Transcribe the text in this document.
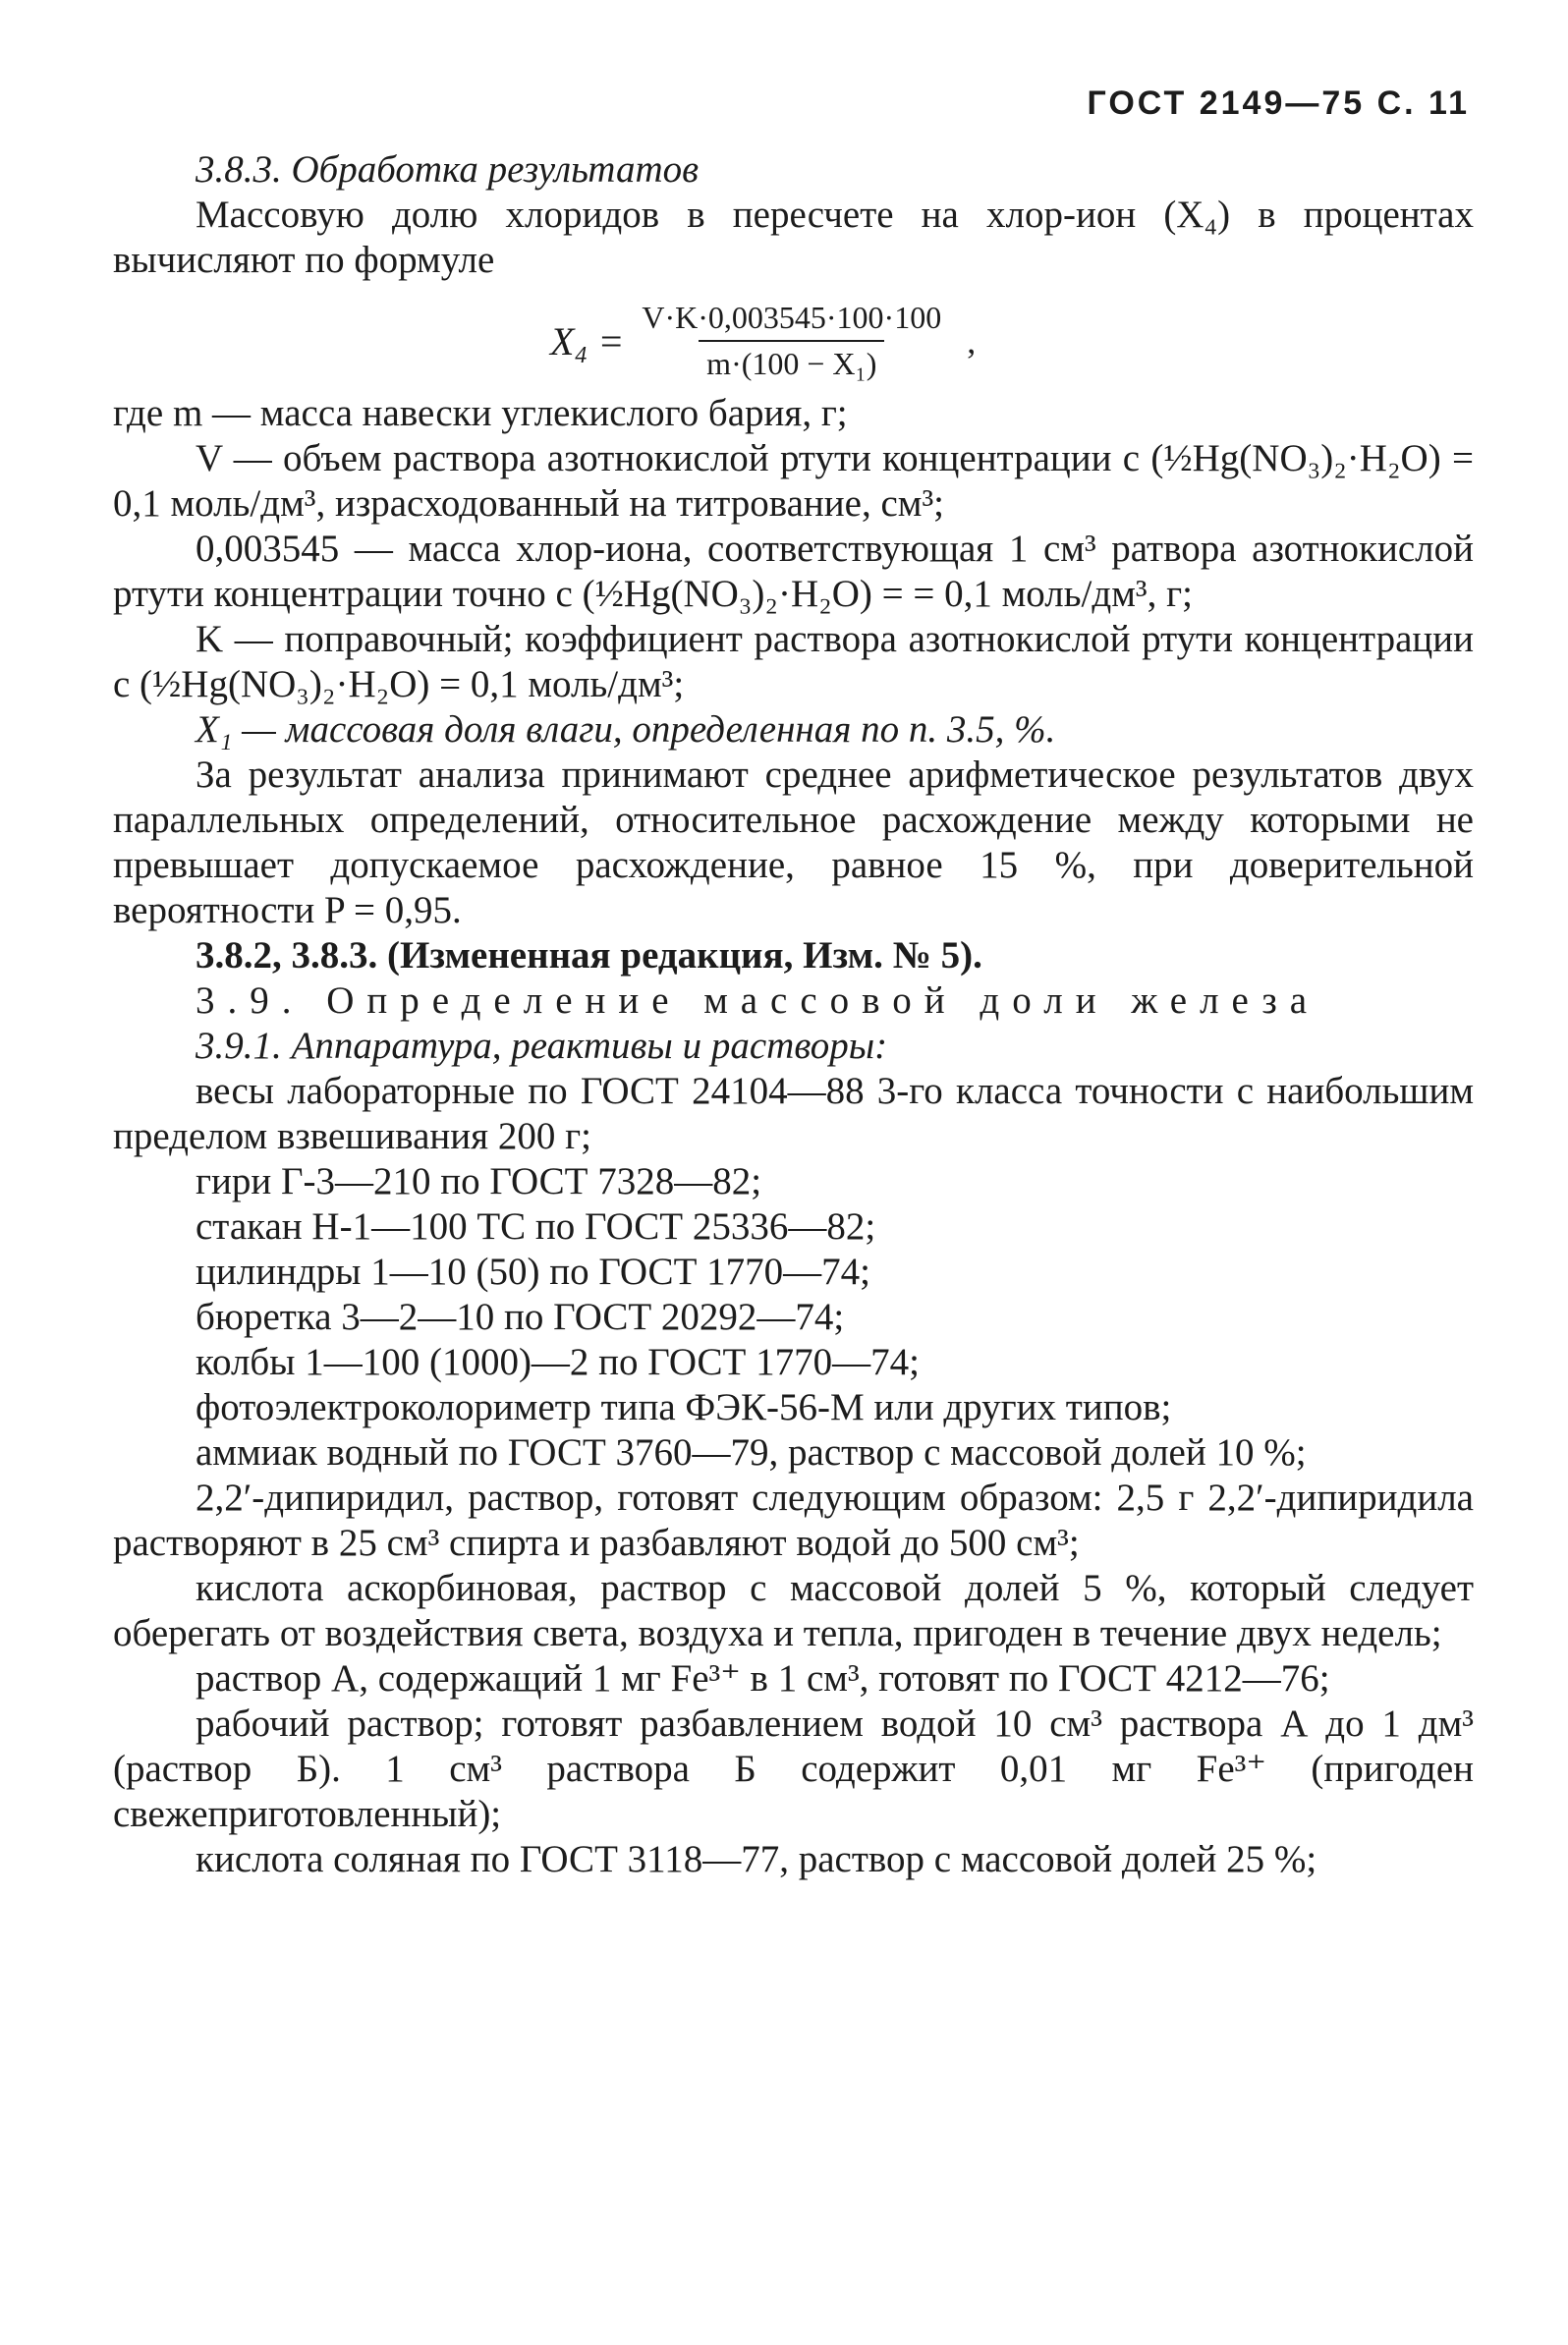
ГОСТ 2149—75 С. 11

3.8.3. Обработка результатов

Массовую долю хлоридов в пересчете на хлор-ион (X₄) в процентах вычисляют по формуле

$X_4 = \frac{V\cdot K\cdot 0,003545\cdot 100\cdot 100}{\text{m·(100 − X₁)}}$ ,

где m — масса навески углекислого бария, г;

V — объем раствора азотнокислой ртути концентрации c (½Hg(NO₃)₂·H₂O) = 0,1 моль/дм³, израсходованный на титрование, см³;

0,003545 — масса хлор-иона, соответствующая 1 см³ ратвора азотнокислой ртути концентрации точно c (½Hg(NO₃)₂·H₂O) = = 0,1 моль/дм³, г;

K — поправочный; коэффициент раствора азотнокислой ртути концентрации c (½Hg(NO₃)₂·H₂O) = 0,1 моль/дм³;

X₁ — массовая доля влаги, определенная по п. 3.5, %.

За результат анализа принимают среднее арифметическое результатов двух параллельных определений, относительное расхождение между которыми не превышает допускаемое расхождение, равное 15 %, при доверительной вероятности P = 0,95.

3.8.2, 3.8.3. (Измененная редакция, Изм. № 5).

3.9. Определение массовой доли железа

3.9.1. Аппаратура, реактивы и растворы:

весы лабораторные по ГОСТ 24104—88 3-го класса точности с наибольшим пределом взвешивания 200 г;

гири Г-3—210 по ГОСТ 7328—82;

стакан Н-1—100 ТС по ГОСТ 25336—82;

цилиндры 1—10 (50) по ГОСТ 1770—74;

бюретка 3—2—10 по ГОСТ 20292—74;

колбы 1—100 (1000)—2 по ГОСТ 1770—74;

фотоэлектроколориметр типа ФЭК-56-М или других типов;

аммиак водный по ГОСТ 3760—79, раствор с массовой долей 10 %;

2,2′-дипиридил, раствор, готовят следующим образом: 2,5 г 2,2′-дипиридила растворяют в 25 см³ спирта и разбавляют водой до 500 см³;

кислота аскорбиновая, раствор с массовой долей 5 %, который следует оберегать от воздействия света, воздуха и тепла, пригоден в течение двух недель;

раствор А, содержащий 1 мг Fe³⁺ в 1 см³, готовят по ГОСТ 4212—76;

рабочий раствор; готовят разбавлением водой 10 см³ раствора А до 1 дм³ (раствор Б). 1 см³ раствора Б содержит 0,01 мг Fe³⁺ (пригоден свежеприготовленный);

кислота соляная по ГОСТ 3118—77, раствор с массовой долей 25 %;
